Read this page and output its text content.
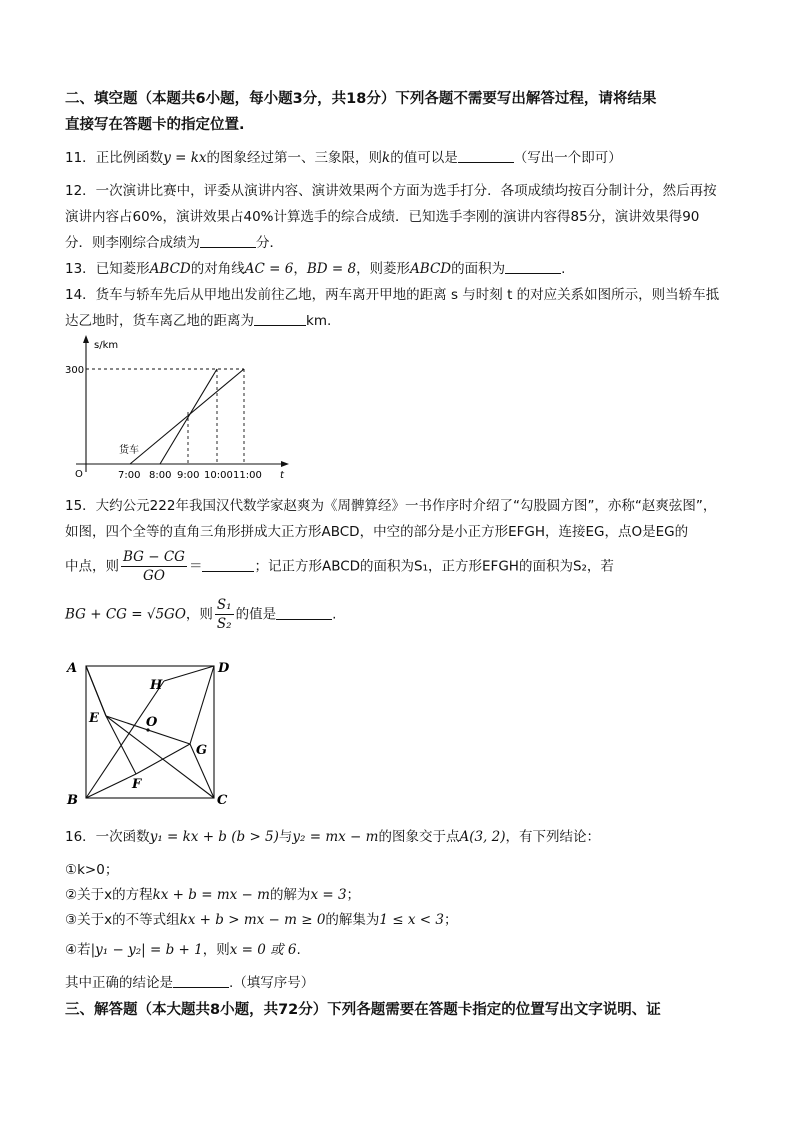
二、填空题（本题共6小题，每小题3分，共18分）下列各题不需要写出解答过程，请将结果
直接写在答题卡的指定位置.
11．正比例函数y = kx的图象经过第一、三象限，则k的值可以是	（写出一个即可）
12．一次演讲比赛中，评委从演讲内容、演讲效果两个方面为选手打分．各项成绩均按百分制计分，然后再按
演讲内容占60%，演讲效果占40%计算选手的综合成绩．已知选手李刚的演讲内容得85分，演讲效果得90
分．则李刚综合成绩为	分．
13．已知菱形ABCD的对角线AC = 6，BD = 8，则菱形ABCD的面积为	.
14．货车与轿车先后从甲地出发前往乙地，两车离开甲地的距离 s 与时刻 t 的对应关系如图所示，则当轿车抵
达乙地时，货车离乙地的距离为	km.
s/km
300
O	t
货车
7:00 8:00 9:00 10:00 11:00
15．大约公元222年我国汉代数学家赵爽为《周髀算经》一书作序时介绍了“勾股圆方图”，亦称“赵爽弦图”，
如图，四个全等的直角三角形拼成大正方形ABCD，中空的部分是小正方形EFGH，连接EG，点O是EG的
中点，则 $\frac{BG - CG}{GO}$ ＝	；记正方形ABCD的面积为S₁，正方形EFGH的面积为S₂，若
BG + CG = √5GO，则 $\frac{\text{S₁}}{\text{S₂}}$ 的值是	.
A	D
B	C
E
F
G
H
O
16．一次函数y₁ = kx + b (b > 5)与y₂ = mx − m的图象交于点A(3, 2)，有下列结论：
①k>0；
②关于x的方程kx + b = mx − m的解为x = 3；
③关于x的不等式组kx + b > mx − m ≥ 0的解集为1 ≤ x < 3；
④若|y₁ − y₂| = b + 1，则x = 0 或 6.
其中正确的结论是	.（填写序号）
三、解答题（本大题共8小题，共72分）下列各题需要在答题卡指定的位置写出文字说明、证
